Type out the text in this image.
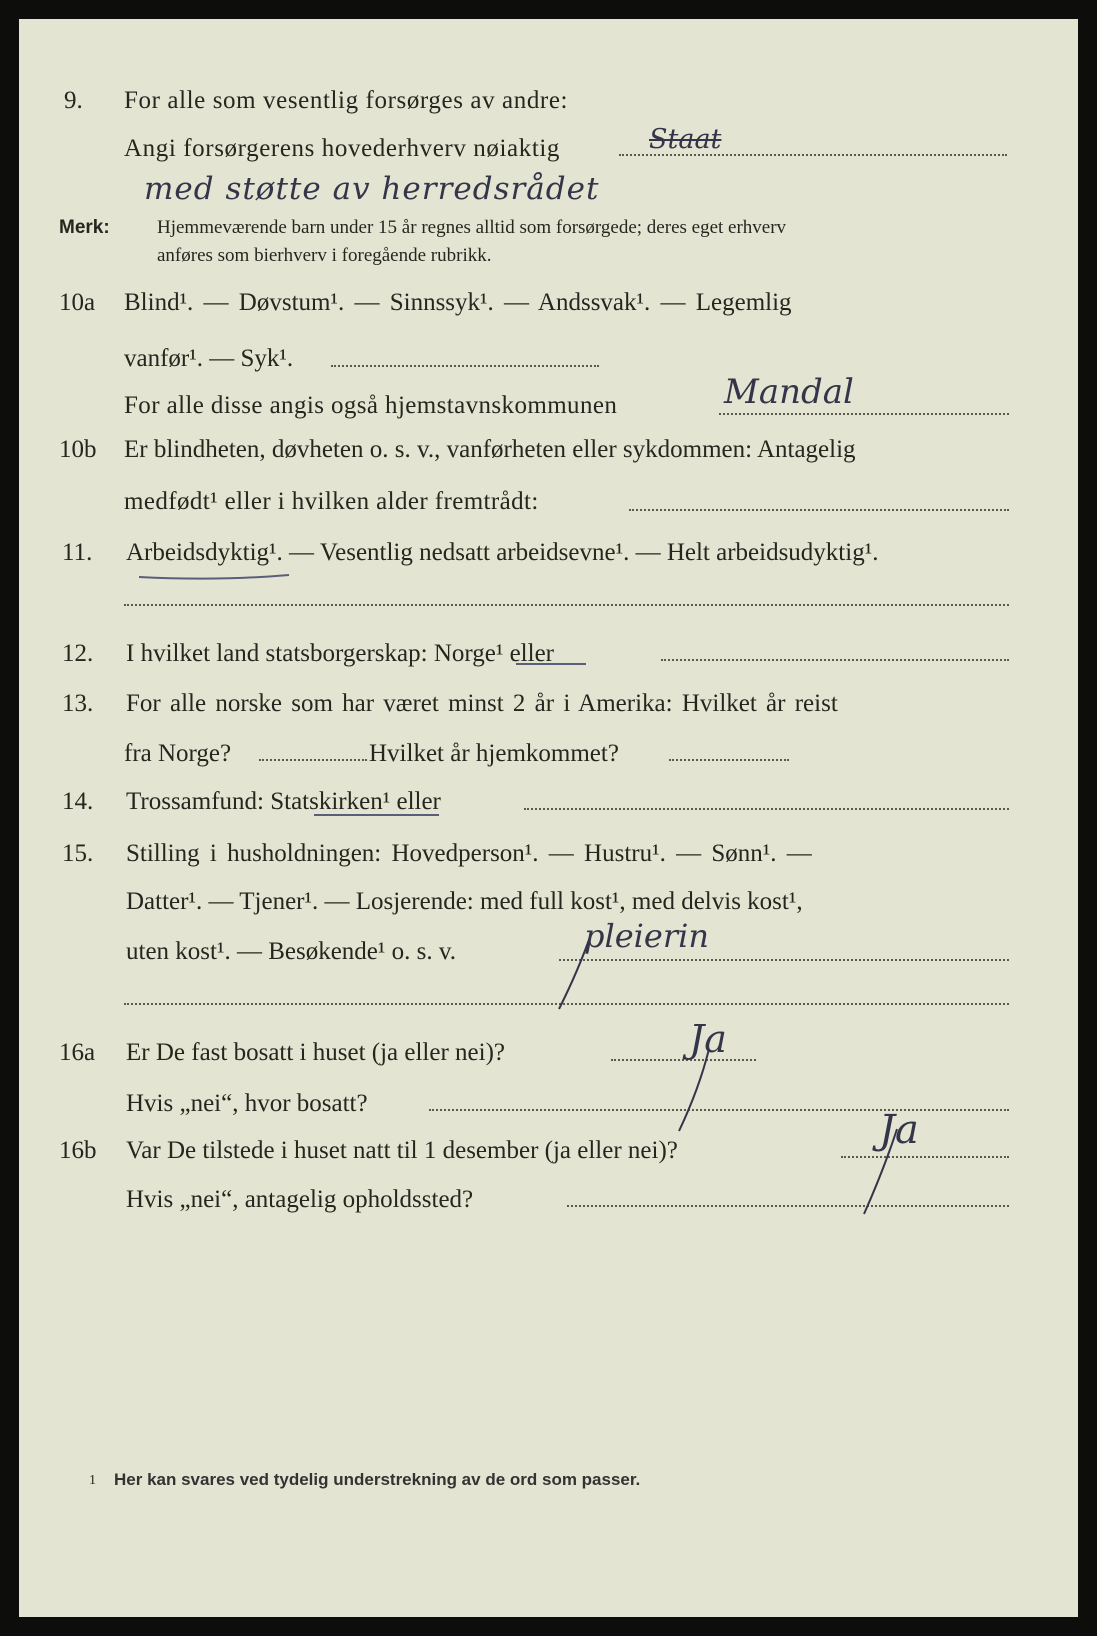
9. For alle som vesentlig forsørges av andre:
Angi forsørgerens hovederhverv nøiaktig	Staat
med støtte av herredsrådet
Merk: Hjemmeværende barn under 15 år regnes alltid som forsørgede; deres eget erhverv
anføres som bierhverv i foregående rubrikk.
10a Blind¹. — Døvstum¹. — Sinnssyk¹. — Andssvak¹. — Legemlig
vanfør¹. — Syk¹.
For alle disse angis også hjemstavnskommunen	Mandal
10b Er blindheten, døvheten o. s. v., vanførheten eller sykdommen: Antagelig
medfødt¹ eller i hvilken alder fremtrådt:
11. Arbeidsdyktig¹. — Vesentlig nedsatt arbeidsevne¹. — Helt arbeidsudyktig¹.
12. I hvilket land statsborgerskap: Norge¹ eller
13. For alle norske som har været minst 2 år i Amerika: Hvilket år reist
fra Norge?	Hvilket år hjemkommet?
14. Trossamfund: Statskirken¹ eller
15. Stilling i husholdningen: Hovedperson¹. — Hustru¹. — Sønn¹. —
Datter¹. — Tjener¹. — Losjerende: med full kost¹, med delvis kost¹,
uten kost¹. — Besøkende¹ o. s. v.	pleierin
16a Er De fast bosatt i huset (ja eller nei)?	Ja
Hvis „nei“, hvor bosatt?
16b Var De tilstede i huset natt til 1 desember (ja eller nei)?	Ja
Hvis „nei“, antagelig opholdssted?
1 Her kan svares ved tydelig understrekning av de ord som passer.
